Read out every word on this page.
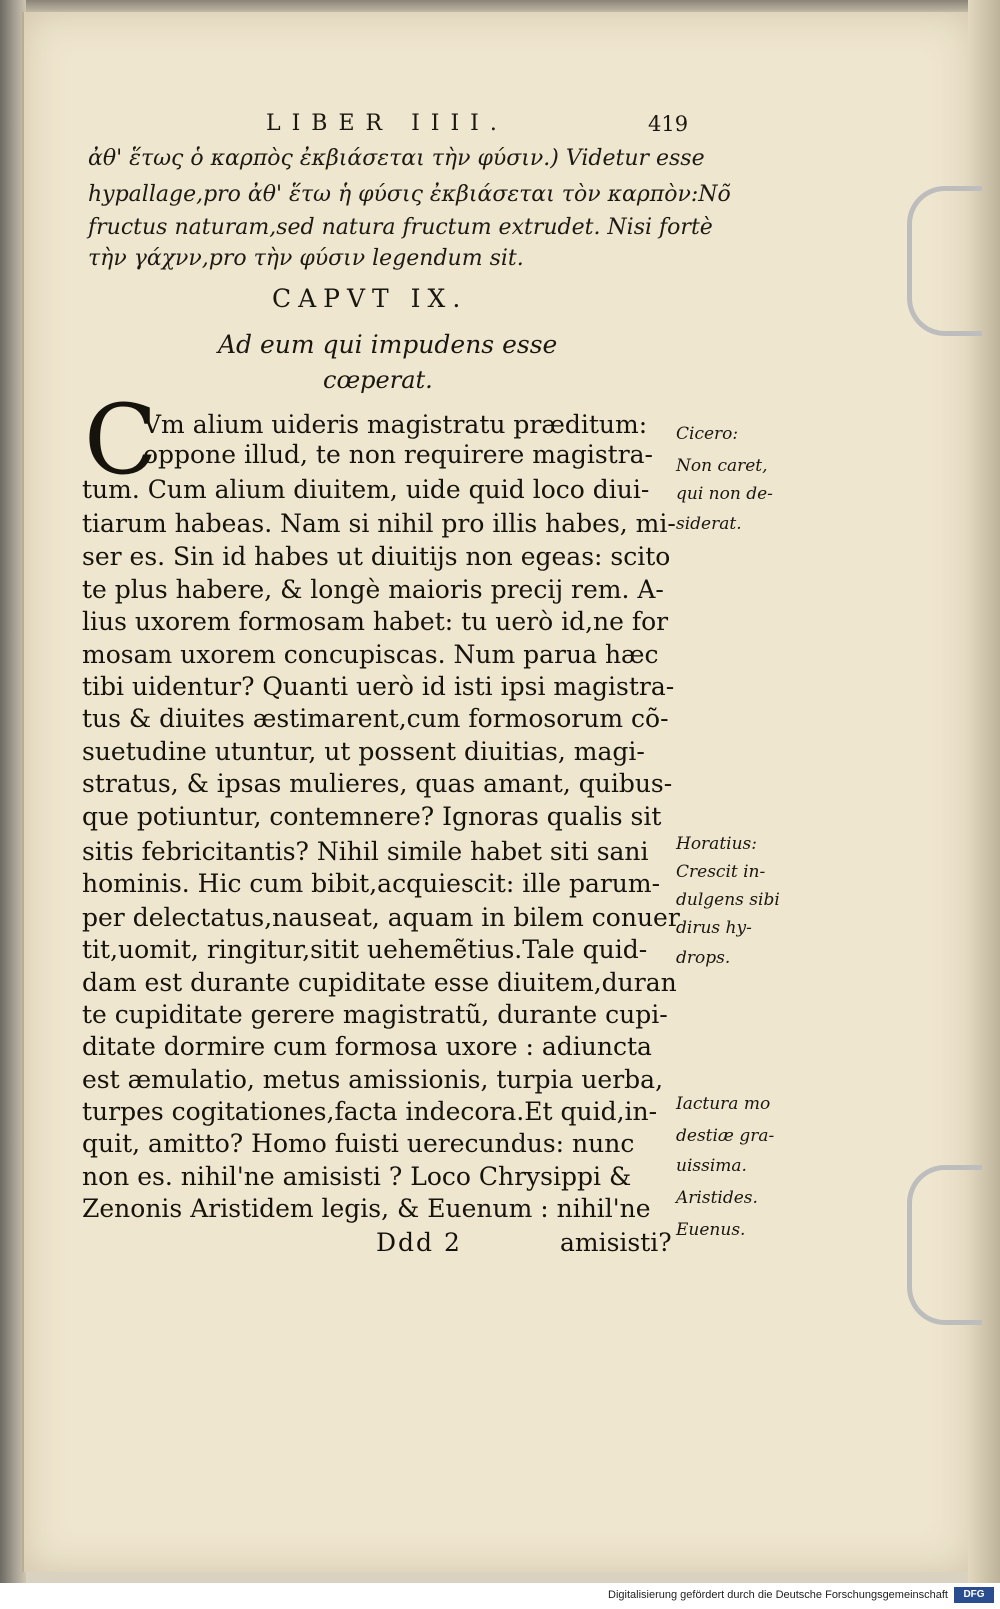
LIBER IIII.	419
ἀθ' ἕτως ὁ καρπὸς ἐκβιάσεται τὴν φύσιν.) Videtur esse
hypallage,pro ἀθ' ἕτω ἡ φύσις ἐκβιάσεται τὸν καρπὸν:Nõ
fructus naturam,sed natura fructum extrudet. Nisi fortè
τὴν γάχνν,pro τὴν φύσιν legendum sit.
CAPVT IX.
Ad eum qui impudens esse
cœperat.
C
Vm alium uideris magistratu præditum:
oppone illud, te non requirere magistra-
tum. Cum alium diuitem, uide quid loco diui-
tiarum habeas. Nam si nihil pro illis habes, mi-
ser es. Sin id habes ut diuitijs non egeas: scito
te plus habere, & longè maioris precij rem. A-
lius uxorem formosam habet: tu uerò id,ne for
mosam uxorem concupiscas. Num parua hæc
tibi uidentur? Quanti uerò id isti ipsi magistra-
tus & diuites æstimarent,cum formosorum cõ-
suetudine utuntur, ut possent diuitias, magi-
stratus, & ipsas mulieres, quas amant, quibus-
que potiuntur, contemnere? Ignoras qualis sit
sitis febricitantis? Nihil simile habet siti sani
hominis. Hic cum bibit,acquiescit: ille parum-
per delectatus,nauseat, aquam in bilem conuer
tit,uomit, ringitur,sitit uehemẽtius.Tale quid-
dam est durante cupiditate esse diuitem,duran
te cupiditate gerere magistratũ, durante cupi-
ditate dormire cum formosa uxore : adiuncta
est æmulatio, metus amissionis, turpia uerba,
turpes cogitationes,facta indecora.Et quid,in-
quit, amitto? Homo fuisti uerecundus: nunc
non es. nihil'ne amisisti ? Loco Chrysippi &
Zenonis Aristidem legis, & Euenum : nihil'ne
Ddd 2	amisisti?
Cicero:
Non caret,
qui non de-
siderat.
Horatius:
Crescit in-
dulgens sibi
dirus hy-
drops.
Iactura mo
destiæ gra-
uissima.
Aristides.
Euenus.
Digitalisierung gefördert durch die Deutsche Forschungsgemeinschaft	DFG
